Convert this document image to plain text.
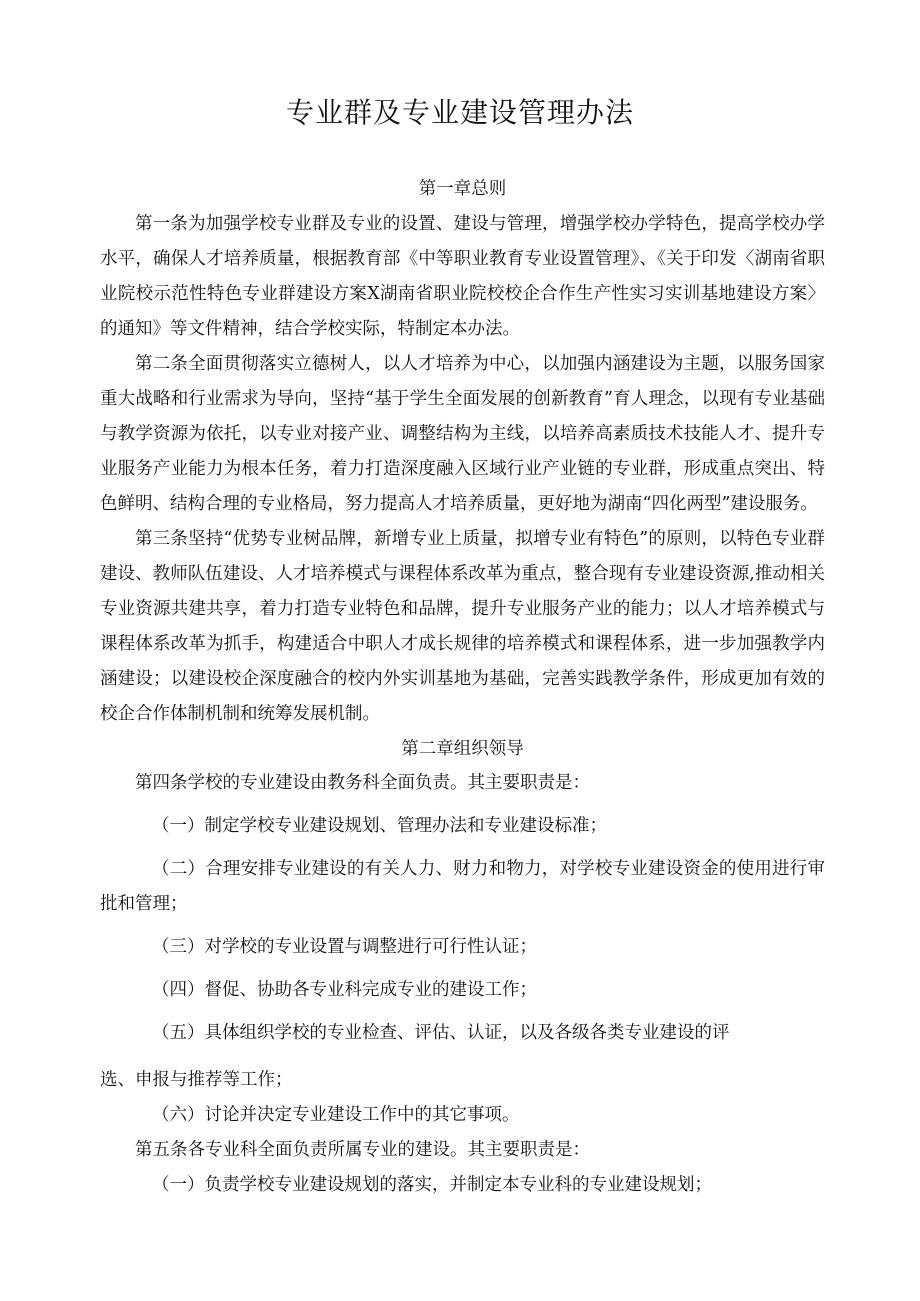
专业群及专业建设管理办法
第一章总则

第一条为加强学校专业群及专业的设置、建设与管理，增强学校办学特色，提高学校办学水平，确保人才培养质量，根据教育部《中等职业教育专业设置管理》、《关于印发〈湖南省职业院校示范性特色专业群建设方案X湖南省职业院校校企合作生产性实习实训基地建设方案〉的通知》等文件精神，结合学校实际，特制定本办法。

第二条全面贯彻落实立德树人，以人才培养为中心，以加强内涵建设为主题，以服务国家重大战略和行业需求为导向，坚持“基于学生全面发展的创新教育”育人理念，以现有专业基础与教学资源为依托，以专业对接产业、调整结构为主线，以培养高素质技术技能人才、提升专业服务产业能力为根本任务，着力打造深度融入区域行业产业链的专业群，形成重点突出、特色鲜明、结构合理的专业格局，努力提高人才培养质量，更好地为湖南“四化两型”建设服务。

第三条坚持“优势专业树品牌，新增专业上质量，拟增专业有特色”的原则，以特色专业群建设、教师队伍建设、人才培养模式与课程体系改革为重点，整合现有专业建设资源,推动相关专业资源共建共享，着力打造专业特色和品牌，提升专业服务产业的能力；以人才培养模式与课程体系改革为抓手，构建适合中职人才成长规律的培养模式和课程体系，进一步加强教学内涵建设；以建设校企深度融合的校内外实训基地为基础，完善实践教学条件，形成更加有效的校企合作体制机制和统筹发展机制。

第二章组织领导

第四条学校的专业建设由教务科全面负责。其主要职责是：

（一）制定学校专业建设规划、管理办法和专业建设标准；

（二）合理安排专业建设的有关人力、财力和物力，对学校专业建设资金的使用进行审批和管理；

（三）对学校的专业设置与调整进行可行性认证；

（四）督促、协助各专业科完成专业的建设工作；

（五）具体组织学校的专业检查、评估、认证，以及各级各类专业建设的评

选、申报与推荐等工作；

（六）讨论并决定专业建设工作中的其它事项。

第五条各专业科全面负责所属专业的建设。其主要职责是：

（一）负责学校专业建设规划的落实，并制定本专业科的专业建设规划；
